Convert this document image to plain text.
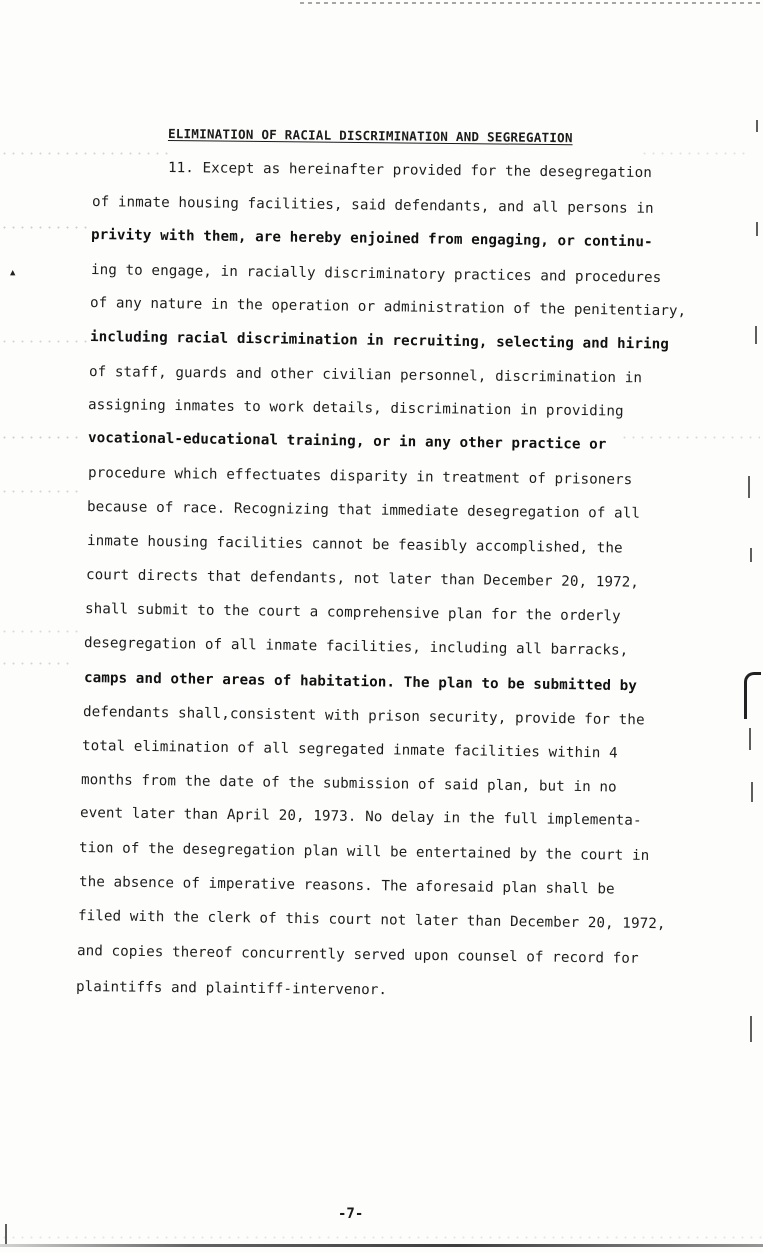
▲
ELIMINATION OF RACIAL DISCRIMINATION AND SEGREGATION
11. Except as hereinafter provided for the desegregation
of inmate housing facilities, said defendants, and all persons in
privity with them, are hereby enjoined from engaging, or continu-
ing to engage, in racially discriminatory practices and procedures
of any nature in the operation or administration of the penitentiary,
including racial discrimination in recruiting, selecting and hiring
of staff, guards and other civilian personnel, discrimination in
assigning inmates to work details, discrimination in providing
vocational-educational training, or in any other practice or
procedure which effectuates disparity in treatment of prisoners
because of race. Recognizing that immediate desegregation of all
inmate housing facilities cannot be feasibly accomplished, the
court directs that defendants, not later than December 20, 1972,
shall submit to the court a comprehensive plan for the orderly
desegregation of all inmate facilities, including all barracks,
camps and other areas of habitation. The plan to be submitted by
defendants shall,consistent with prison security, provide for the
total elimination of all segregated inmate facilities within 4
months from the date of the submission of said plan, but in no
event later than April 20, 1973. No delay in the full implementa-
tion of the desegregation plan will be entertained by the court in
the absence of imperative reasons. The aforesaid plan shall be
filed with the clerk of this court not later than December 20, 1972,
and copies thereof concurrently served upon counsel of record for
plaintiffs and plaintiff-intervenor.
-7-
